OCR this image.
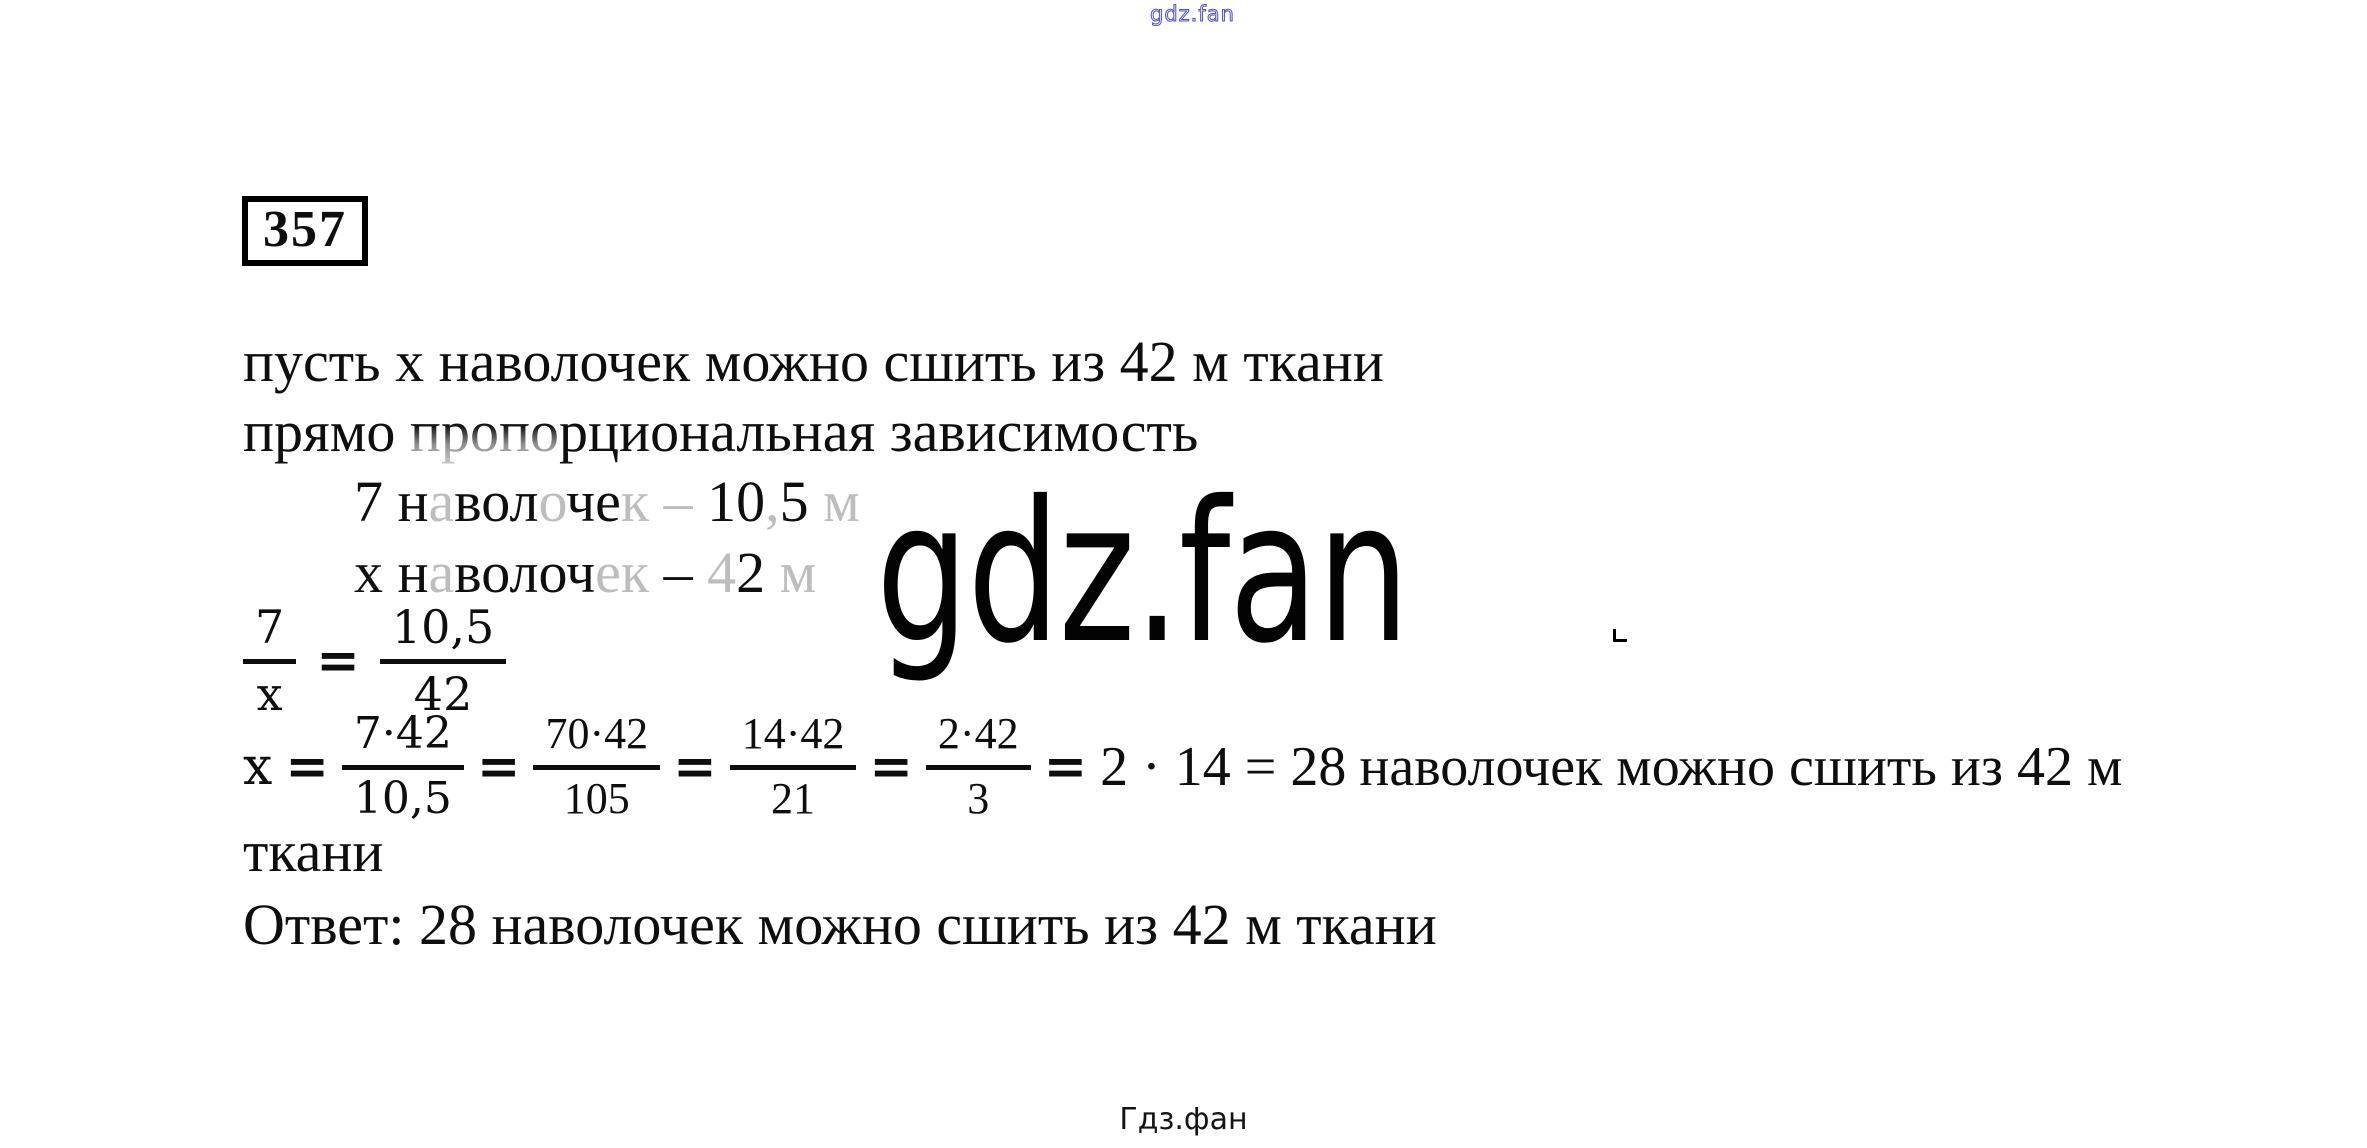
gdz.fan
357
пусть х наволочек можно сшить из 42 м ткани
прямо пропорциональная зависимость
7 наволочек – 10,5 м
х наволочек – 42 м
$\frac{7}{х} = \frac{10,5}{42}$
$х = \frac{7\cdot 42}{10,5} = \frac{70\cdot 42}{105} = \frac{14\cdot 42}{21} = \frac{2\cdot 42}{3} = 2 \cdot 14 = 28$ наволочек можно сшить из 42 м
ткани
Ответ: 28 наволочек можно сшить из 42 м ткани
gdz.fan
Гдз.фан
